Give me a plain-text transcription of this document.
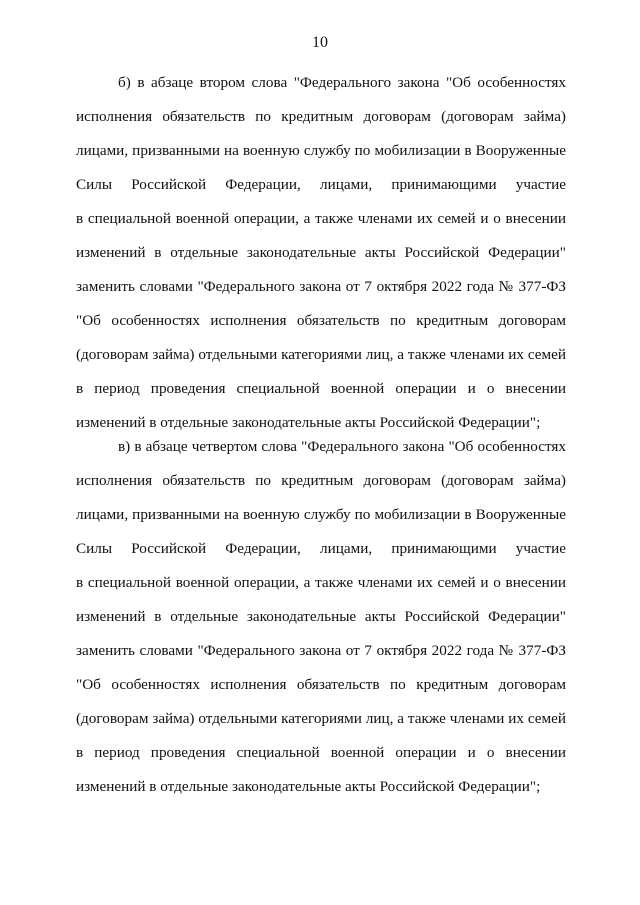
10
б) в абзаце втором слова "Федерального закона "Об особенностях
исполнения обязательств по кредитным договорам (договорам займа)
лицами, призванными на военную службу по мобилизации в Вооруженные
Силы Российской Федерации, лицами, принимающими участие
в специальной военной операции, а также членами их семей и о внесении
изменений в отдельные законодательные акты Российской Федерации"
заменить словами "Федерального закона от 7 октября 2022 года № 377-ФЗ
"Об особенностях исполнения обязательств по кредитным договорам
(договорам займа) отдельными категориями лиц, а также членами их семей
в период проведения специальной военной операции и о внесении
изменений в отдельные законодательные акты Российской Федерации";
в) в абзаце четвертом слова "Федерального закона "Об особенностях
исполнения обязательств по кредитным договорам (договорам займа)
лицами, призванными на военную службу по мобилизации в Вооруженные
Силы Российской Федерации, лицами, принимающими участие
в специальной военной операции, а также членами их семей и о внесении
изменений в отдельные законодательные акты Российской Федерации"
заменить словами "Федерального закона от 7 октября 2022 года № 377-ФЗ
"Об особенностях исполнения обязательств по кредитным договорам
(договорам займа) отдельными категориями лиц, а также членами их семей
в период проведения специальной военной операции и о внесении
изменений в отдельные законодательные акты Российской Федерации";
